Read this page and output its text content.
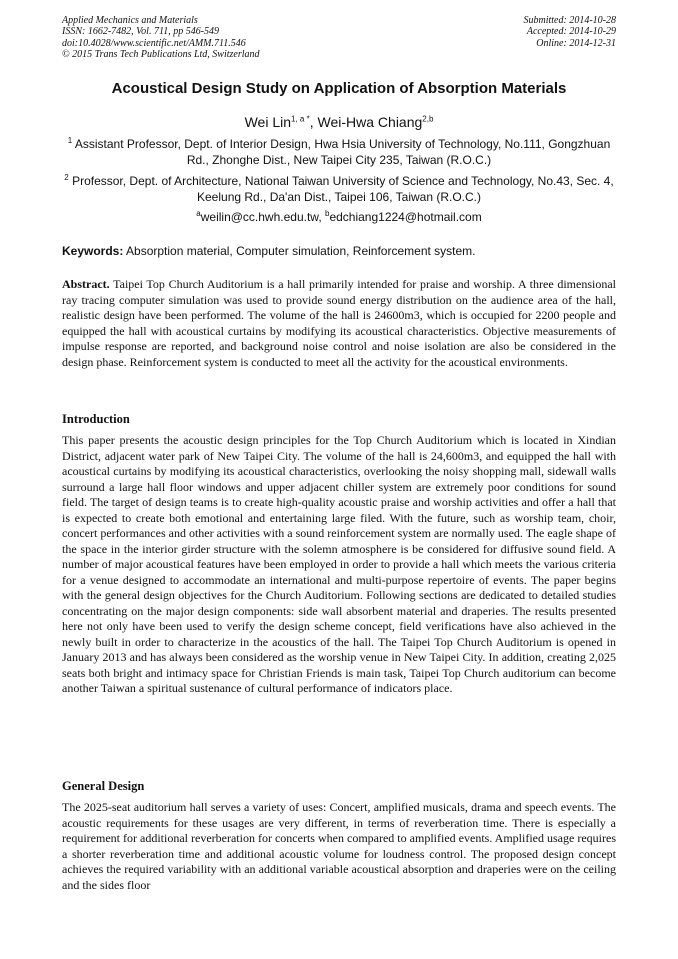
Applied Mechanics and Materials
ISSN: 1662-7482, Vol. 711, pp 546-549
doi:10.4028/www.scientific.net/AMM.711.546
© 2015 Trans Tech Publications Ltd, Switzerland
Submitted: 2014-10-28
Accepted: 2014-10-29
Online: 2014-12-31
Acoustical Design Study on Application of Absorption Materials
Wei Lin$^{1, a *}$, Wei-Hwa Chiang$^{2,b}$
$^1$ Assistant Professor, Dept. of Interior Design, Hwa Hsia University of Technology, No.111, Gongzhuan Rd., Zhonghe Dist., New Taipei City 235, Taiwan (R.O.C.)
$^2$ Professor, Dept. of Architecture, National Taiwan University of Science and Technology, No.43, Sec. 4, Keelung Rd., Da'an Dist., Taipei 106, Taiwan (R.O.C.)
$^a$weilin@cc.hwh.edu.tw, $^b$edchiang1224@hotmail.com
Keywords: Absorption material, Computer simulation, Reinforcement system.
Abstract. Taipei Top Church Auditorium is a hall primarily intended for praise and worship. A three dimensional ray tracing computer simulation was used to provide sound energy distribution on the audience area of the hall, realistic design have been performed. The volume of the hall is 24600m3, which is occupied for 2200 people and equipped the hall with acoustical curtains by modifying its acoustical characteristics. Objective measurements of impulse response are reported, and background noise control and noise isolation are also be considered in the design phase. Reinforcement system is conducted to meet all the activity for the acoustical environments.
Introduction
This paper presents the acoustic design principles for the Top Church Auditorium which is located in Xindian District, adjacent water park of New Taipei City. The volume of the hall is 24,600m3, and equipped the hall with acoustical curtains by modifying its acoustical characteristics, overlooking the noisy shopping mall, sidewall walls surround a large hall floor windows and upper adjacent chiller system are extremely poor conditions for sound field. The target of design teams is to create high-quality acoustic praise and worship activities and offer a hall that is expected to create both emotional and entertaining large filed. With the future, such as worship team, choir, concert performances and other activities with a sound reinforcement system are normally used. The eagle shape of the space in the interior girder structure with the solemn atmosphere is be considered for diffusive sound field. A number of major acoustical features have been employed in order to provide a hall which meets the various criteria for a venue designed to accommodate an international and multi-purpose repertoire of events. The paper begins with the general design objectives for the Church Auditorium. Following sections are dedicated to detailed studies concentrating on the major design components: side wall absorbent material and draperies. The results presented here not only have been used to verify the design scheme concept, field verifications have also achieved in the newly built in order to characterize in the acoustics of the hall. The Taipei Top Church Auditorium is opened in January 2013 and has always been considered as the worship venue in New Taipei City. In addition, creating 2,025 seats both bright and intimacy space for Christian Friends is main task, Taipei Top Church auditorium can become another Taiwan a spiritual sustenance of cultural performance of indicators place.
General Design
The 2025-seat auditorium hall serves a variety of uses: Concert, amplified musicals, drama and speech events. The acoustic requirements for these usages are very different, in terms of reverberation time. There is especially a requirement for additional reverberation for concerts when compared to amplified events. Amplified usage requires a shorter reverberation time and additional acoustic volume for loudness control. The proposed design concept achieves the required variability with an additional variable acoustical absorption and draperies were on the ceiling and the sides floor
